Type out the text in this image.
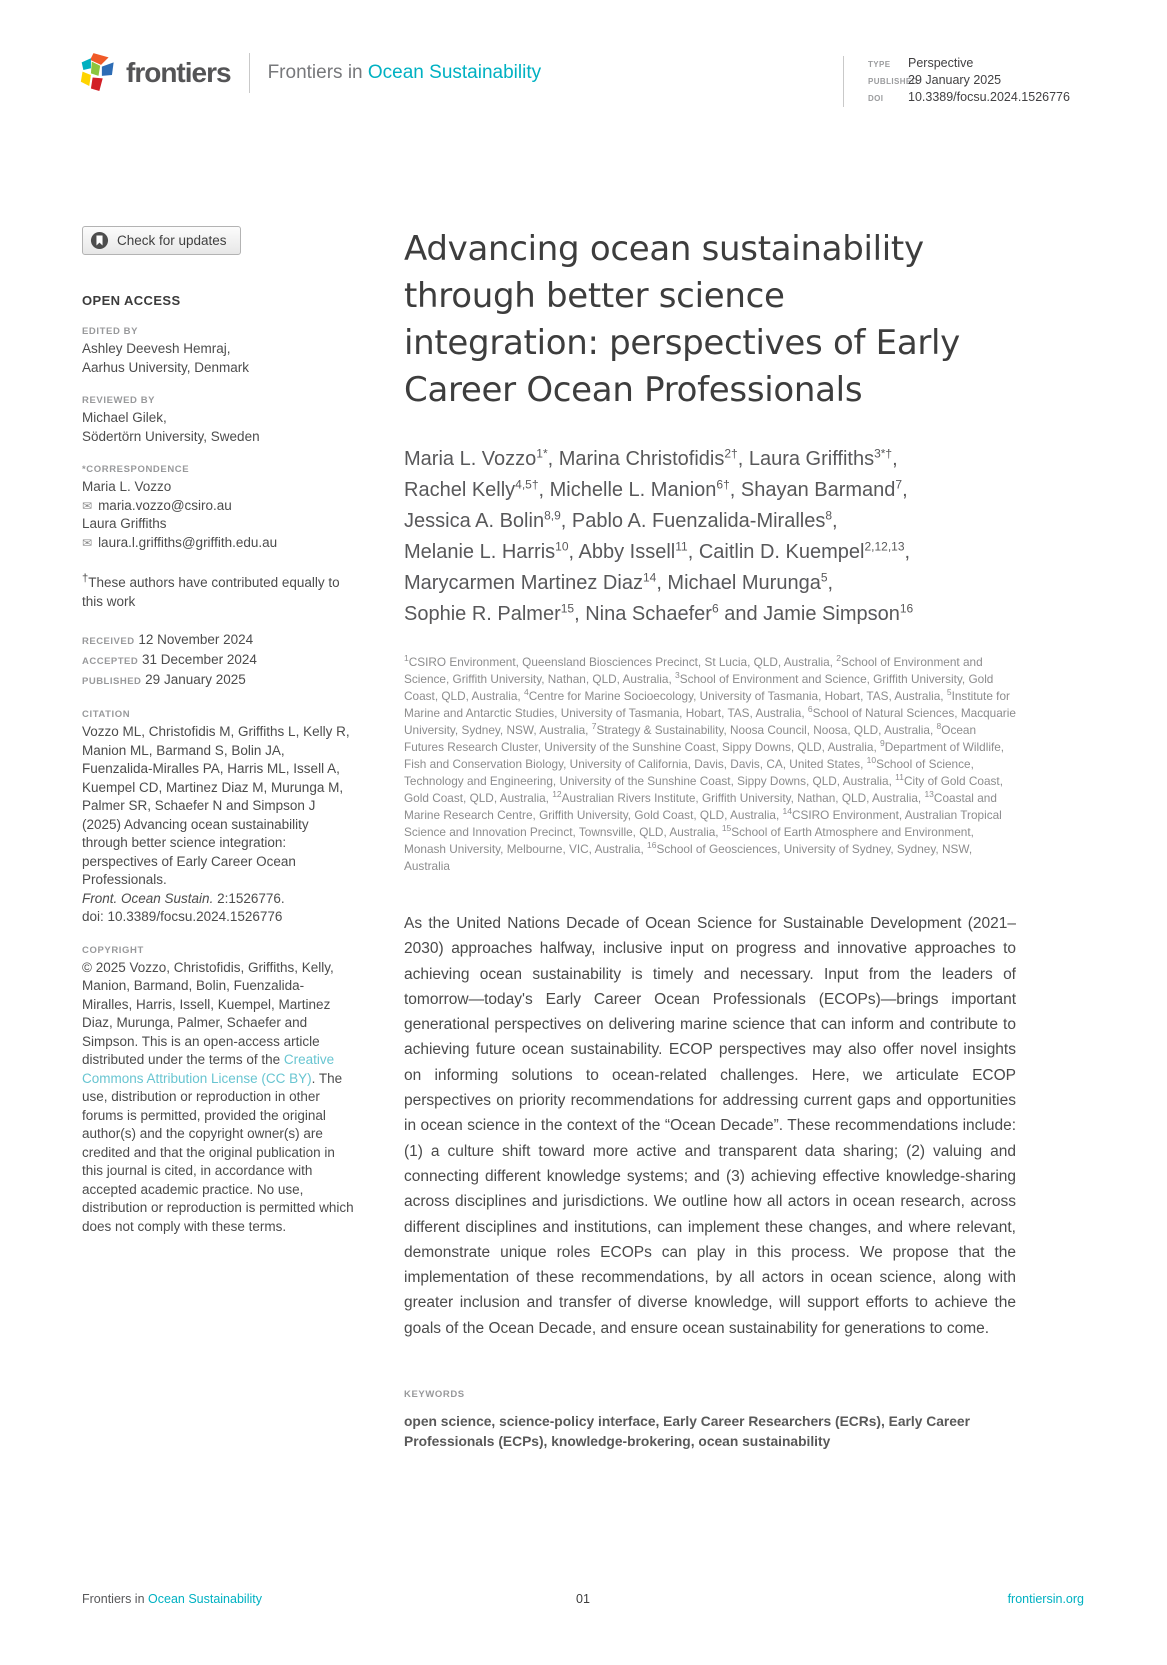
frontiers Frontiers in Ocean Sustainability	TYPE	Perspective
PUBLISHED
29 January 2025
DOI	10.3389/focsu.2024.1526776
Check for updates
OPEN ACCESS
EDITED BY
Ashley Deevesh Hemraj,
Aarhus University, Denmark
REVIEWED BY
Michael Gilek,
Södertörn University, Sweden
*CORRESPONDENCE
Maria L. Vozzo
✉ maria.vozzo@csiro.au
Laura Griffiths
✉ laura.l.griffiths@griffith.edu.au
†These authors have contributed equally to this work
RECEIVED 12 November 2024
ACCEPTED 31 December 2024
PUBLISHED 29 January 2025
CITATION
Vozzo ML, Christofidis M, Griffiths L, Kelly R, Manion ML, Barmand S, Bolin JA, Fuenzalida-Miralles PA, Harris ML, Issell A, Kuempel CD, Martinez Diaz M, Murunga M, Palmer SR, Schaefer N and Simpson J (2025) Advancing ocean sustainability through better science integration: perspectives of Early Career Ocean Professionals.
Front. Ocean Sustain. 2:1526776.
doi: 10.3389/focsu.2024.1526776
COPYRIGHT
© 2025 Vozzo, Christofidis, Griffiths, Kelly, Manion, Barmand, Bolin, Fuenzalida-Miralles, Harris, Issell, Kuempel, Martinez Diaz, Murunga, Palmer, Schaefer and Simpson. This is an open-access article distributed under the terms of the Creative Commons Attribution License (CC BY). The use, distribution or reproduction in other forums is permitted, provided the original author(s) and the copyright owner(s) are credited and that the original publication in this journal is cited, in accordance with accepted academic practice. No use, distribution or reproduction is permitted which does not comply with these terms.
Advancing ocean sustainability
through better science
integration: perspectives of Early
Career Ocean Professionals

Maria L. Vozzo$^{1*}$, Marina Christofidis$^{2\dagger}$, Laura Griffiths$^{3*\dagger}$,
Rachel Kelly$^{4,5\dagger}$, Michelle L. Manion$^{6\dagger}$, Shayan Barmand$^7$,
Jessica A. Bolin$^{8,9}$, Pablo A. Fuenzalida-Miralles$^8$,
Melanie L. Harris$^{10}$, Abby Issell$^{11}$, Caitlin D. Kuempel$^{2,12,13}$,
Marycarmen Martinez Diaz$^{14}$, Michael Murunga$^5$,
Sophie R. Palmer$^{15}$, Nina Schaefer$^6$ and Jamie Simpson$^{16}$

$^1$CSIRO Environment, Queensland Biosciences Precinct, St Lucia, QLD, Australia, $^2$School of Environment and Science, Griffith University, Nathan, QLD, Australia, $^3$School of Environment and Science, Griffith University, Gold Coast, QLD, Australia, $^4$Centre for Marine Socioecology, University of Tasmania, Hobart, TAS, Australia, $^5$Institute for Marine and Antarctic Studies, University of Tasmania, Hobart, TAS, Australia, $^6$School of Natural Sciences, Macquarie University, Sydney, NSW, Australia, $^7$Strategy & Sustainability, Noosa Council, Noosa, QLD, Australia, $^8$Ocean Futures Research Cluster, University of the Sunshine Coast, Sippy Downs, QLD, Australia, $^9$Department of Wildlife, Fish and Conservation Biology, University of California, Davis, Davis, CA, United States, $^{10}$School of Science, Technology and Engineering, University of the Sunshine Coast, Sippy Downs, QLD, Australia, $^{11}$City of Gold Coast, Gold Coast, QLD, Australia, $^{12}$Australian Rivers Institute, Griffith University, Nathan, QLD, Australia, $^{13}$Coastal and Marine Research Centre, Griffith University, Gold Coast, QLD, Australia, $^{14}$CSIRO Environment, Australian Tropical Science and Innovation Precinct, Townsville, QLD, Australia, $^{15}$School of Earth Atmosphere and Environment, Monash University, Melbourne, VIC, Australia, $^{16}$School of Geosciences, University of Sydney, Sydney, NSW, Australia

As the United Nations Decade of Ocean Science for Sustainable Development (2021–2030) approaches halfway, inclusive input on progress and innovative approaches to achieving ocean sustainability is timely and necessary. Input from the leaders of tomorrow—today's Early Career Ocean Professionals (ECOPs)—brings important generational perspectives on delivering marine science that can inform and contribute to achieving future ocean sustainability. ECOP perspectives may also offer novel insights on informing solutions to ocean-related challenges. Here, we articulate ECOP perspectives on priority recommendations for addressing current gaps and opportunities in ocean science in the context of the “Ocean Decade”. These recommendations include: (1) a culture shift toward more active and transparent data sharing; (2) valuing and connecting different knowledge systems; and (3) achieving effective knowledge-sharing across disciplines and jurisdictions. We outline how all actors in ocean research, across different disciplines and institutions, can implement these changes, and where relevant, demonstrate unique roles ECOPs can play in this process. We propose that the implementation of these recommendations, by all actors in ocean science, along with greater inclusion and transfer of diverse knowledge, will support efforts to achieve the goals of the Ocean Decade, and ensure ocean sustainability for generations to come.

KEYWORDS

open science, science-policy interface, Early Career Researchers (ECRs), Early Career Professionals (ECPs), knowledge-brokering, ocean sustainability

Frontiers in Ocean Sustainability	01	frontiersin.org
